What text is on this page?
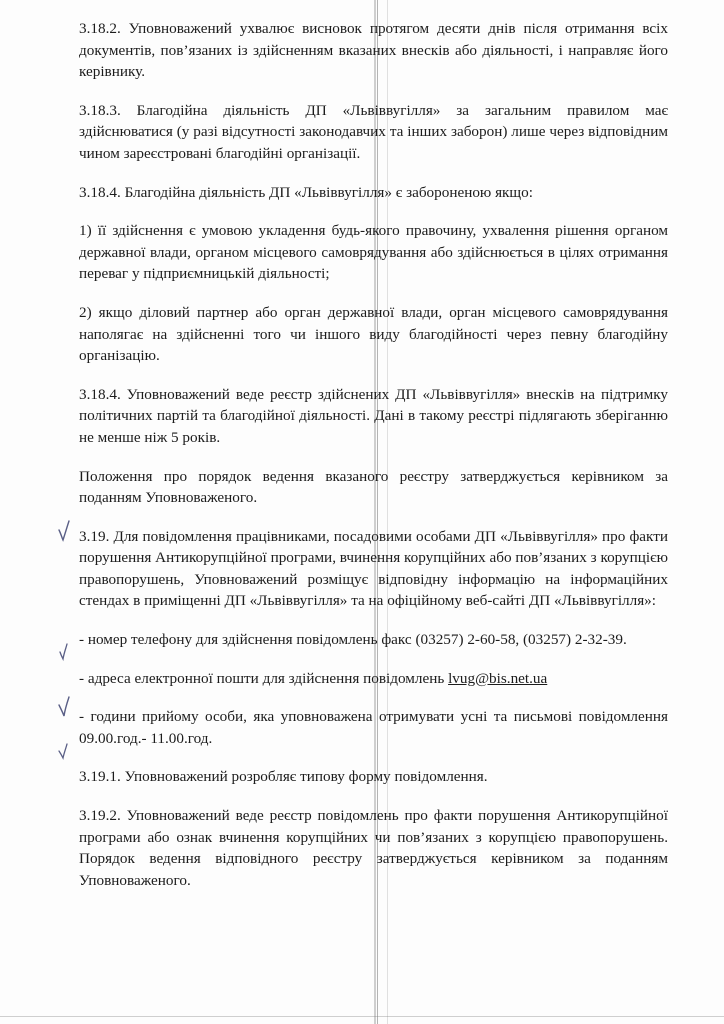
3.18.2. Уповноважений ухвалює висновок протягом десяти днів після отримання всіх документів, пов’язаних із здійсненням вказаних внесків або діяльності, і направляє його керівнику.

3.18.3. Благодійна діяльність ДП «Львіввугілля» за загальним правилом має здійснюватися (у разі відсутності законодавчих та інших заборон) лише через відповідним чином зареєстровані благодійні організації.

3.18.4. Благодійна діяльність ДП «Львіввугілля» є забороненою якщо:

1) її здійснення є умовою укладення будь-якого правочину, ухвалення рішення органом державної влади, органом місцевого самоврядування або здійснюється в цілях отримання переваг у підприємницькій діяльності;

2) якщо діловий партнер або орган державної влади, орган місцевого самоврядування наполягає на здійсненні того чи іншого виду благодійності через певну благодійну організацію.

3.18.4. Уповноважений веде реєстр здійснених ДП «Львіввугілля» внесків на підтримку політичних партій та благодійної діяльності. Дані в такому реєстрі підлягають зберіганню не менше ніж 5 років.

Положення про порядок ведення вказаного реєстру затверджується керівником за поданням Уповноваженого.

3.19. Для повідомлення працівниками, посадовими особами ДП «Львіввугілля» про факти порушення Антикорупційної програми, вчинення корупційних або пов’язаних з корупцією правопорушень, Уповноважений розміщує відповідну інформацію на інформаційних стендах в приміщенні ДП «Львіввугілля» та на офіційному веб-сайті ДП «Львіввугілля»:

- номер телефону для здійснення повідомлень факс (03257) 2-60-58, (03257) 2-32-39.

- адреса електронної пошти для здійснення повідомлень lvug@bis.net.ua

- години прийому особи, яка уповноважена отримувати усні та письмові повідомлення 09.00.год.- 11.00.год.

3.19.1. Уповноважений розробляє типову форму повідомлення.

3.19.2. Уповноважений веде реєстр повідомлень про факти порушення Антикорупційної програми або ознак вчинення корупційних чи пов’язаних з корупцією правопорушень. Порядок ведення відповідного реєстру затверджується керівником за поданням Уповноваженого.
